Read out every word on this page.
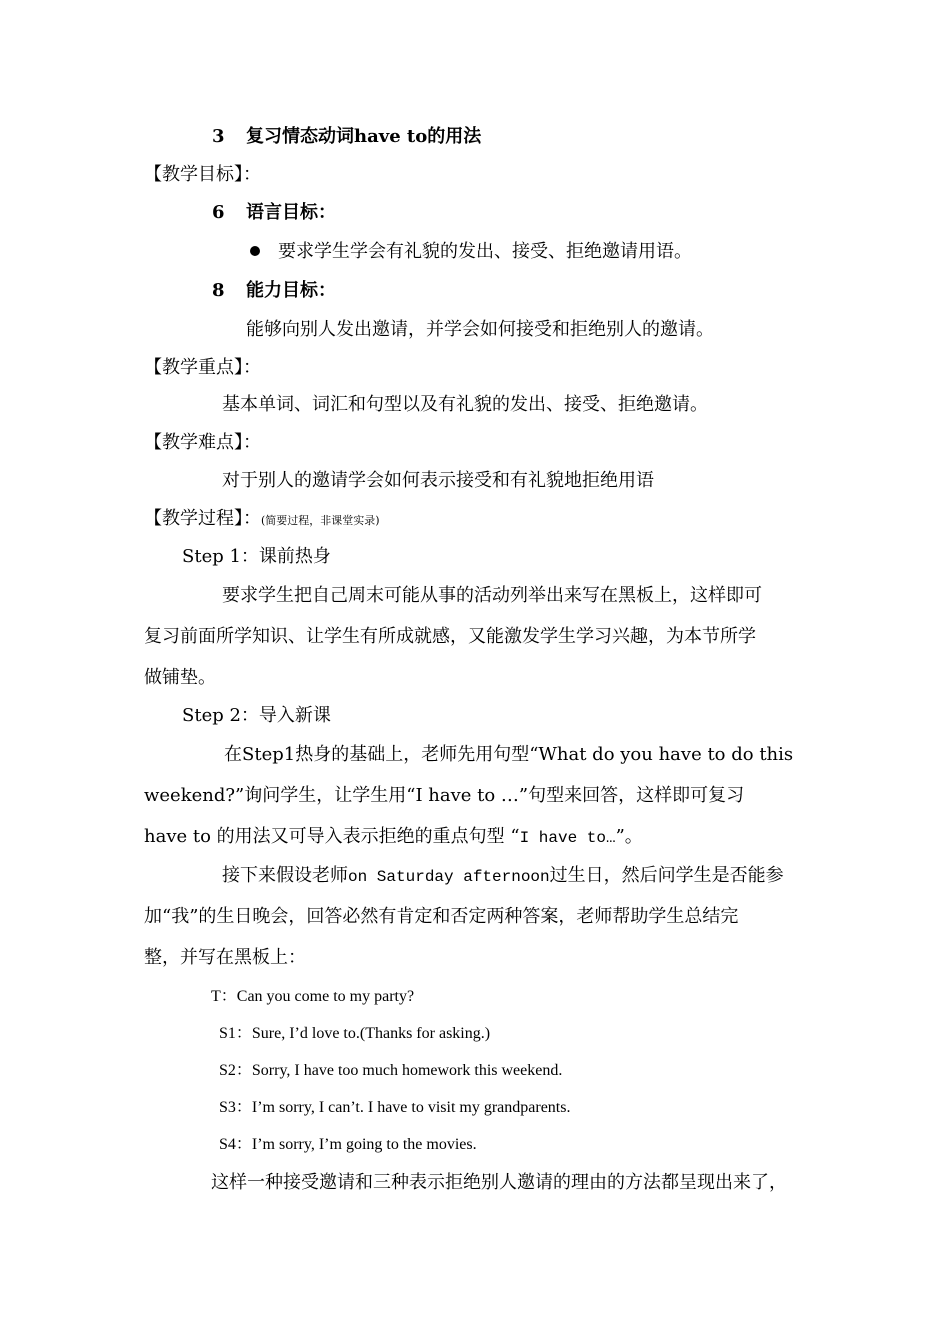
3 复习情态动词have to的用法
【教学目标】：
6 语言目标：
要求学生学会有礼貌的发出、接受、拒绝邀请用语。
8 能力目标：
能够向别人发出邀请，并学会如何接受和拒绝别人的邀请。
【教学重点】：
基本单词、词汇和句型以及有礼貌的发出、接受、拒绝邀请。
【教学难点】：
对于别人的邀请学会如何表示接受和有礼貌地拒绝用语
【教学过程】：(简要过程，非课堂实录)
Step 1：课前热身
要求学生把自己周末可能从事的活动列举出来写在黑板上，这样即可
复习前面所学知识、让学生有所成就感，又能激发学生学习兴趣，为本节所学
做铺垫。
Step 2：导入新课
在Step1热身的基础上，老师先用句型“What do you have to do this
weekend?”询问学生，让学生用“I have to …”句型来回答，这样即可复习
have to 的用法又可导入表示拒绝的重点句型 “I have to…”。
接下来假设老师on Saturday afternoon过生日，然后问学生是否能参
加“我”的生日晚会，回答必然有肯定和否定两种答案，老师帮助学生总结完
整，并写在黑板上：
T：Can you come to my party?
S1：Sure, I’d love to.(Thanks for asking.)
S2：Sorry, I have too much homework this weekend.
S3：I’m sorry, I can’t. I have to visit my grandparents.
S4：I’m sorry, I’m going to the movies.
这样一种接受邀请和三种表示拒绝别人邀请的理由的方法都呈现出来了，
